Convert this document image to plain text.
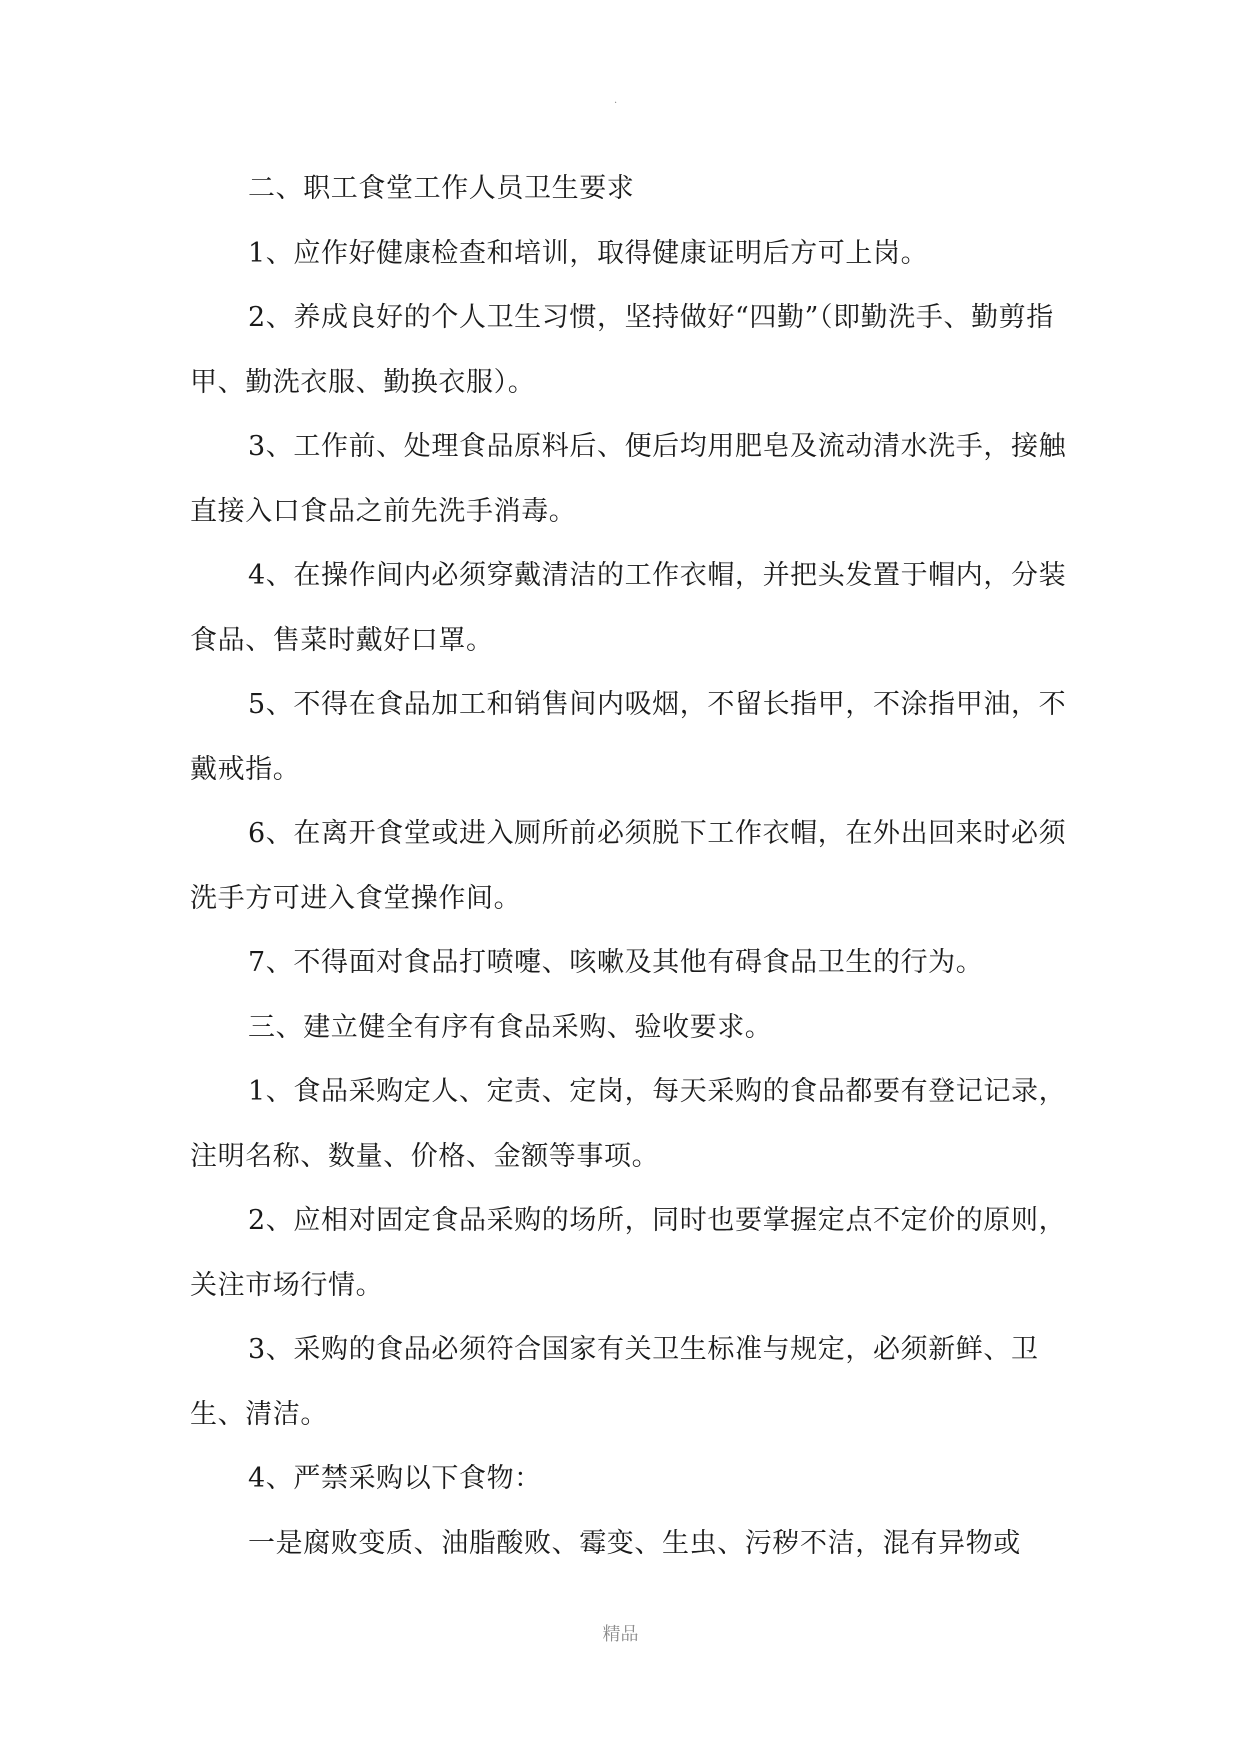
.

二、职工食堂工作人员卫生要求

1、应作好健康检查和培训，取得健康证明后方可上岗。

2、养成良好的个人卫生习惯，坚持做好“四勤”（即勤洗手、勤剪指甲、勤洗衣服、勤换衣服）。

3、工作前、处理食品原料后、便后均用肥皂及流动清水洗手，接触直接入口食品之前先洗手消毒。

4、在操作间内必须穿戴清洁的工作衣帽，并把头发置于帽内，分装食品、售菜时戴好口罩。

5、不得在食品加工和销售间内吸烟，不留长指甲，不涂指甲油，不戴戒指。

6、在离开食堂或进入厕所前必须脱下工作衣帽，在外出回来时必须洗手方可进入食堂操作间。

7、不得面对食品打喷嚏、咳嗽及其他有碍食品卫生的行为。

三、建立健全有序有食品采购、验收要求。

1、食品采购定人、定责、定岗，每天采购的食品都要有登记记录，注明名称、数量、价格、金额等事项。

2、应相对固定食品采购的场所，同时也要掌握定点不定价的原则，关注市场行情。

3、采购的食品必须符合国家有关卫生标准与规定，必须新鲜、卫生、清洁。

4、严禁采购以下食物：

一是腐败变质、油脂酸败、霉变、生虫、污秽不洁，混有异物或

精品
